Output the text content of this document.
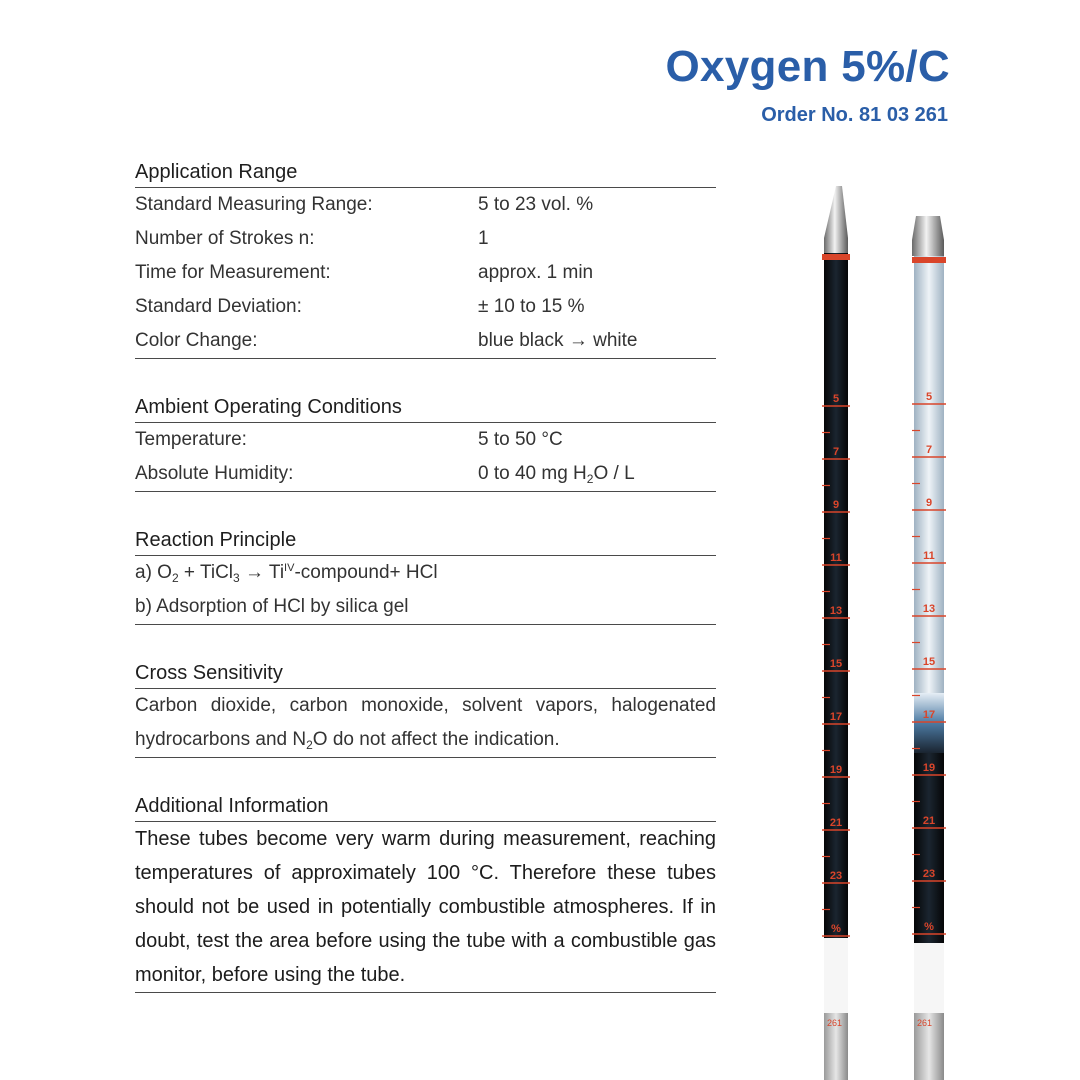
Oxygen 5%/C
Order No. 81 03 261
Application Range
Standard Measuring Range:	5 to 23 vol. %
Number of Strokes n:	1
Time for Measurement:	approx. 1 min
Standard Deviation:	± 10 to 15 %
Color Change:	blue black → white
Ambient Operating Conditions
Temperature:	5 to 50 °C
Absolute Humidity:	0 to 40 mg $H_2O$ / L
Reaction Principle
a) $O_2$ + TiCl$_3$ → $Ti^{IV}-compound+$ HCl
b) Adsorption of HCl by silica gel
Cross Sensitivity
Carbon dioxide, carbon monoxide, solvent vapors, halogenated hydrocarbons and $N_2O$ do not affect the indication.
Additional Information
These tubes become very warm during measurement, reaching temperatures of approximately 100 °C. Therefore these tubes should not be used in potentially combustible atmospheres. If in doubt, test the area before using the tube with a combustible gas monitor, before using the tube.
5
7
9
11
13
15
17
19
21
23
%
261
5
7
9
11
13
15
17
19
21
23
%
261
